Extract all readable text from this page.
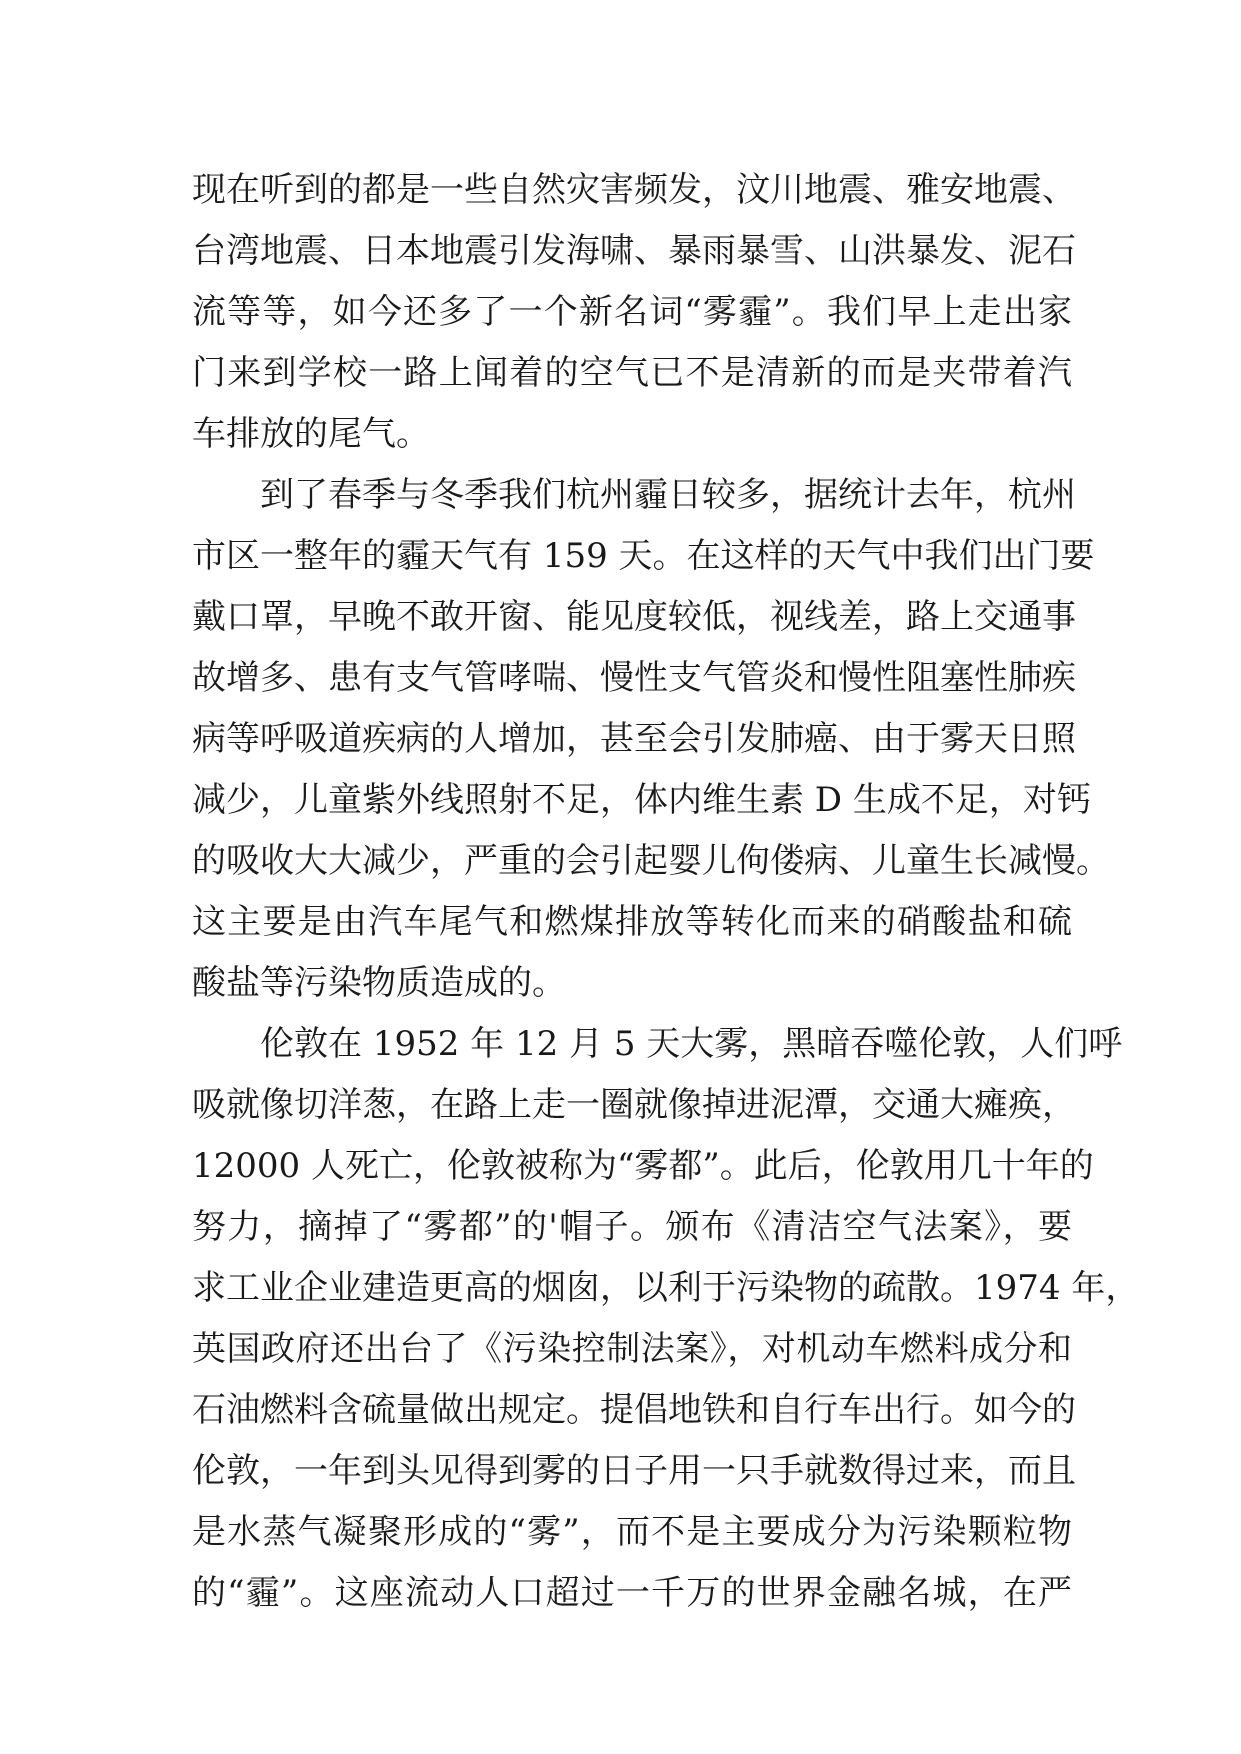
现在听到的都是一些自然灾害频发，汶川地震、雅安地震、
台湾地震、日本地震引发海啸、暴雨暴雪、山洪暴发、泥石
流等等，如今还多了一个新名词“雾霾”。我们早上走出家
门来到学校一路上闻着的空气已不是清新的而是夹带着汽
车排放的尾气。
到了春季与冬季我们杭州霾日较多，据统计去年，杭州
市区一整年的霾天气有 159 天。在这样的天气中我们出门要
戴口罩，早晚不敢开窗、能见度较低，视线差，路上交通事
故增多、患有支气管哮喘、慢性支气管炎和慢性阻塞性肺疾
病等呼吸道疾病的人增加，甚至会引发肺癌、由于雾天日照
减少，儿童紫外线照射不足，体内维生素 D 生成不足，对钙
的吸收大大减少，严重的会引起婴儿佝偻病、儿童生长减慢。
这主要是由汽车尾气和燃煤排放等转化而来的硝酸盐和硫
酸盐等污染物质造成的。
伦敦在 1952 年 12 月 5 天大雾，黑暗吞噬伦敦，人们呼
吸就像切洋葱，在路上走一圈就像掉进泥潭，交通大瘫痪，
12000 人死亡，伦敦被称为“雾都”。此后，伦敦用几十年的
努力，摘掉了“雾都”的'帽子。颁布《清洁空气法案》，要
求工业企业建造更高的烟囱，以利于污染物的疏散。1974 年，
英国政府还出台了《污染控制法案》，对机动车燃料成分和
石油燃料含硫量做出规定。提倡地铁和自行车出行。如今的
伦敦，一年到头见得到雾的日子用一只手就数得过来，而且
是水蒸气凝聚形成的“雾”，而不是主要成分为污染颗粒物
的“霾”。这座流动人口超过一千万的世界金融名城，在严
